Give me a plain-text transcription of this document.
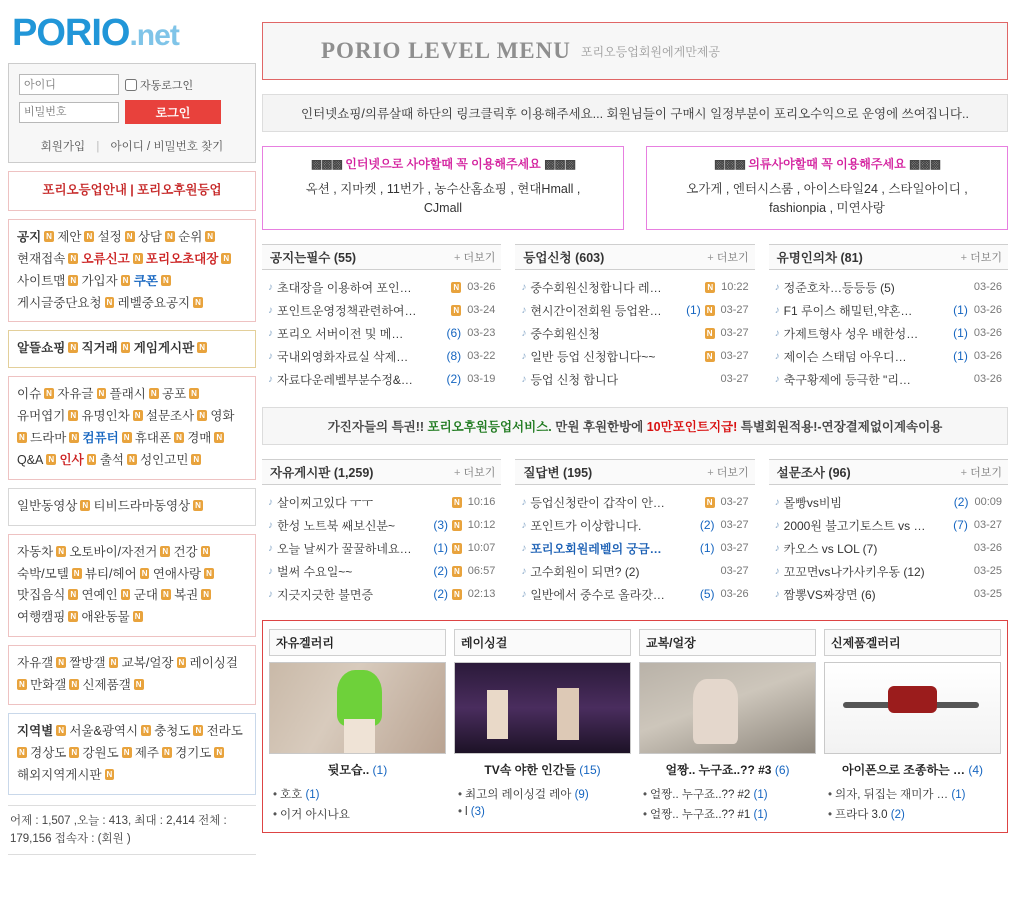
PORIO.net
아이디
자동로그인
로그인
회원가입 | 아이디 / 비밀번호 찾기
포리오등업안내 | 포리오후원등업
공지 N 제안 N 설정 N 상담 N 순위 N 현재접속 N 오류신고 N 포리오초대장 N 사이트맵 N 가입자 N 쿠폰 N 게시글중단요청 N 레벨중요공지 N
알뜰쇼핑 N 직거래 N 게임게시판 N
이슈 N 자유글 N 플래시 N 공포 N 유머엽기 N 유명인차 N 설문조사 N 영화N 드라마 N 컴퓨터 N 휴대폰 N 경매 N Q&A N 인사 N 출석 N 성인고민 N
일반동영상 N 티비드라마동영상 N
자동차 N 오토바이/자전거 N 건강 N 숙박/모텔 N 뷰티/헤어 N 연애사랑 N 맛집음식 N 연예인 N 군대 N 복권 N 여행캠핑 N 애완동물 N
자유갤 N 짤방갤 N 교복/얼장 N 레이싱걸N 만화갤 N 신제품갤 N
지역별 N 서울&광역시 N 충청도 N 전라도N 경상도 N 강원도 N 제주 N 경기도 N 해외지역게시판 N
어제 : 1,507 ,오늘 : 413, 최대 : 2,414 전체 : 179,156 접속자 : (회원 )
PORIO LEVEL MENU 포리오등업회원에게만제공
인터넷쇼핑/의류살때 하단의 링크클릭후 이용해주세요... 회원님들이 구매시 일정부분이 포리오수익으로 운영에 쓰여집니다..
▩▩▩ 인터넷으로 사야할때 꼭 이용해주세요 ▩▩▩
옥션 , 지마켓 , 11번가 , 농수산홈쇼핑 , 현대Hmall ,
CJmall
▩▩▩ 의류사야할때 꼭 이용해주세요 ▩▩▩
오가게 , 엔터시스룸 , 아이스타일24 , 스타일아이디 ,
fashionpia , 미연사랑
공지는필수 (55)	+ 더보기
♪ 초대장을 이용하여 포인…	N 03-26
♪ 포인트운영정책관련하여…	N 03-24
♪ 포리오 서버이전 및 메…	(6) 03-23
♪ 국내외영화자료실 삭제…	(8) 03-22
♪ 자료다운레벨부분수정&…	(2) 03-19
등업신청 (603)	+ 더보기
♪ 중수회원신청합니다 레…	N 10:22
♪ 현시간이전회원 등업완…	(1) N 03-27
♪ 중수회원신청	N 03-27
♪ 일반 등업 신청합니다~~	N 03-27
♪ 등업 신청 합니다	03-27
유명인의차 (81)	+ 더보기
♪ 정준호차…등등등 (5)	03-26
♪ F1 루이스 해밀턴,약혼…	(1) 03-26
♪ 가제트형사 성우 배한성…	(1) 03-26
♪ 제이슨 스태덤 아우디…	(1) 03-26
♪ 축구황제에 등극한 "리…	03-26
가진자들의 특권!!
포리오후원등업서비스.
만원 후원한방에
10만포인트지급!
특별회원적용!-연장결제없이계속이용
자유게시판 (1,259)	+ 더보기
♪ 살이찌고있다 ㅜㅜ	N 10:16
♪ 한성 노트북 쌔보신분~	(3) N 10:12
♪ 오늘 날씨가 꿀꿀하네요…	(1) N 10:07
♪ 벌써 수요일~~	(2) N 06:57
♪ 지긋지긋한 불면증	(2) N 02:13
질답변 (195)	+ 더보기
♪ 등업신청란이 갑작이 안…	N 03-27
♪ 포인트가 이상합니다.	(2) 03-27
♪ 포리오회원레벨의 궁금…	(1) 03-27
♪ 고수회원이 되면? (2)	03-27
♪ 일반에서 중수로 올라갓…	(5) 03-26
설문조사 (96)	+ 더보기
♪ 몰빵vs비빔	(2) 00:09
♪ 2000원 불고기토스트 vs …	(7) 03-27
♪ 카오스 vs LOL (7)	03-26
♪ 꼬꼬면vs나가사키우동 (12)	03-25
♪ 짬뽕VS짜장면 (6)	03-25
자유겔러리
뒷모습.. (1)
• 호호 (1)
• 이거 아시나요
레이싱걸
TV속 야한 인간들 (15)
• 최고의 레이싱걸 레아 (9)
• l (3)
교복/얼장
얼짱.. 누구죠..?? #3 (6)
• 얼짱.. 누구죠..?? #2 (1)
• 얼짱.. 누구죠..?? #1 (1)
신제품겔러리
아이폰으로 조종하는 … (4)
• 의자, 뒤집는 재미가 … (1)
• 프라다 3.0 (2)
